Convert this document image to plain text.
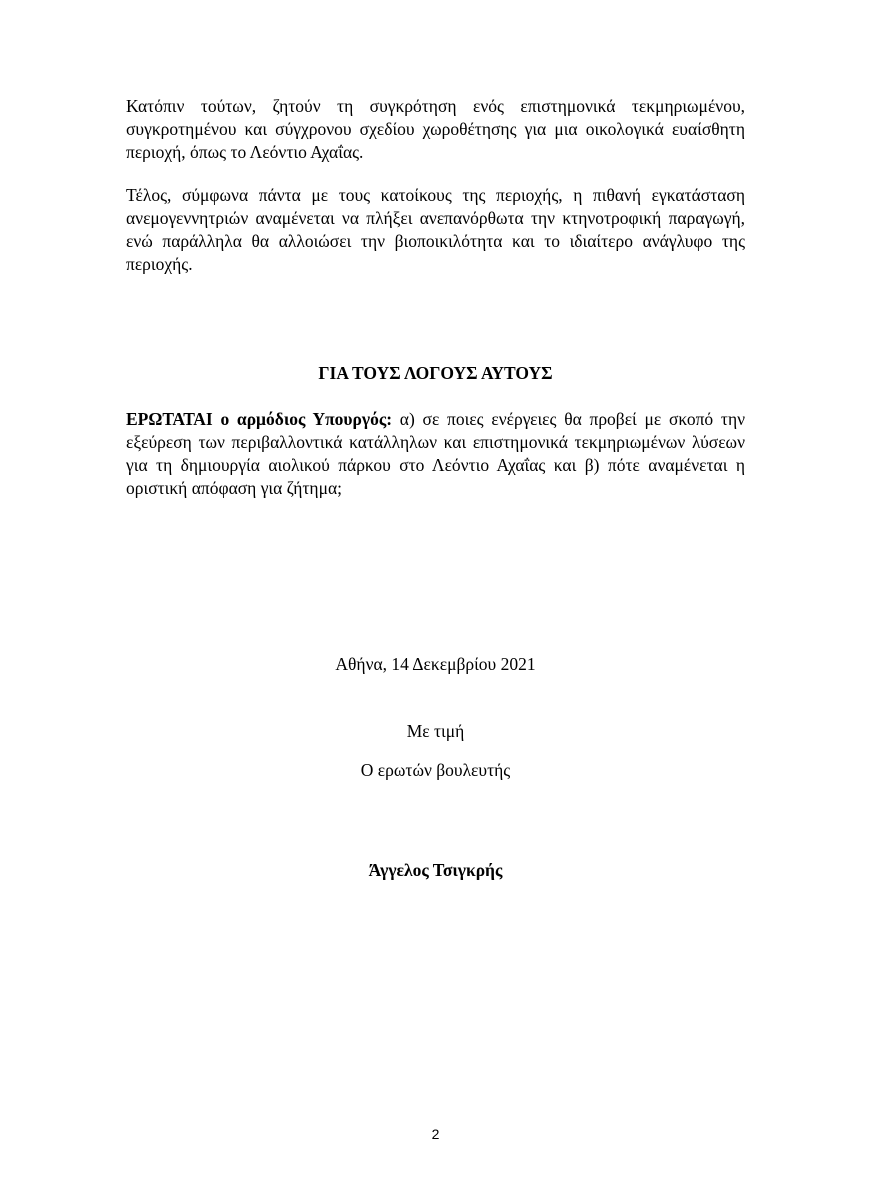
Κατόπιν τούτων, ζητούν τη συγκρότηση ενός επιστημονικά τεκμηριωμένου, συγκροτημένου και σύγχρονου σχεδίου χωροθέτησης για μια οικολογικά ευαίσθητη περιοχή, όπως το Λεόντιο Αχαΐας.

Τέλος, σύμφωνα πάντα με τους κατοίκους της περιοχής, η πιθανή εγκατάσταση ανεμογεννητριών αναμένεται να πλήξει ανεπανόρθωτα την κτηνοτροφική παραγωγή, ενώ παράλληλα θα αλλοιώσει την βιοποικιλότητα και το ιδιαίτερο ανάγλυφο της περιοχής.

ΓΙΑ ΤΟΥΣ ΛΟΓΟΥΣ ΑΥΤΟΥΣ

ΕΡΩΤΑΤΑΙ ο αρμόδιος Υπουργός: α) σε ποιες ενέργειες θα προβεί με σκοπό την εξεύρεση των περιβαλλοντικά κατάλληλων και επιστημονικά τεκμηριωμένων λύσεων για τη δημιουργία αιολικού πάρκου στο Λεόντιο Αχαΐας και β) πότε αναμένεται η οριστική απόφαση για ζήτημα;

Αθήνα, 14 Δεκεμβρίου 2021
Με τιμή
Ο ερωτών βουλευτής
Άγγελος Τσιγκρής
2
